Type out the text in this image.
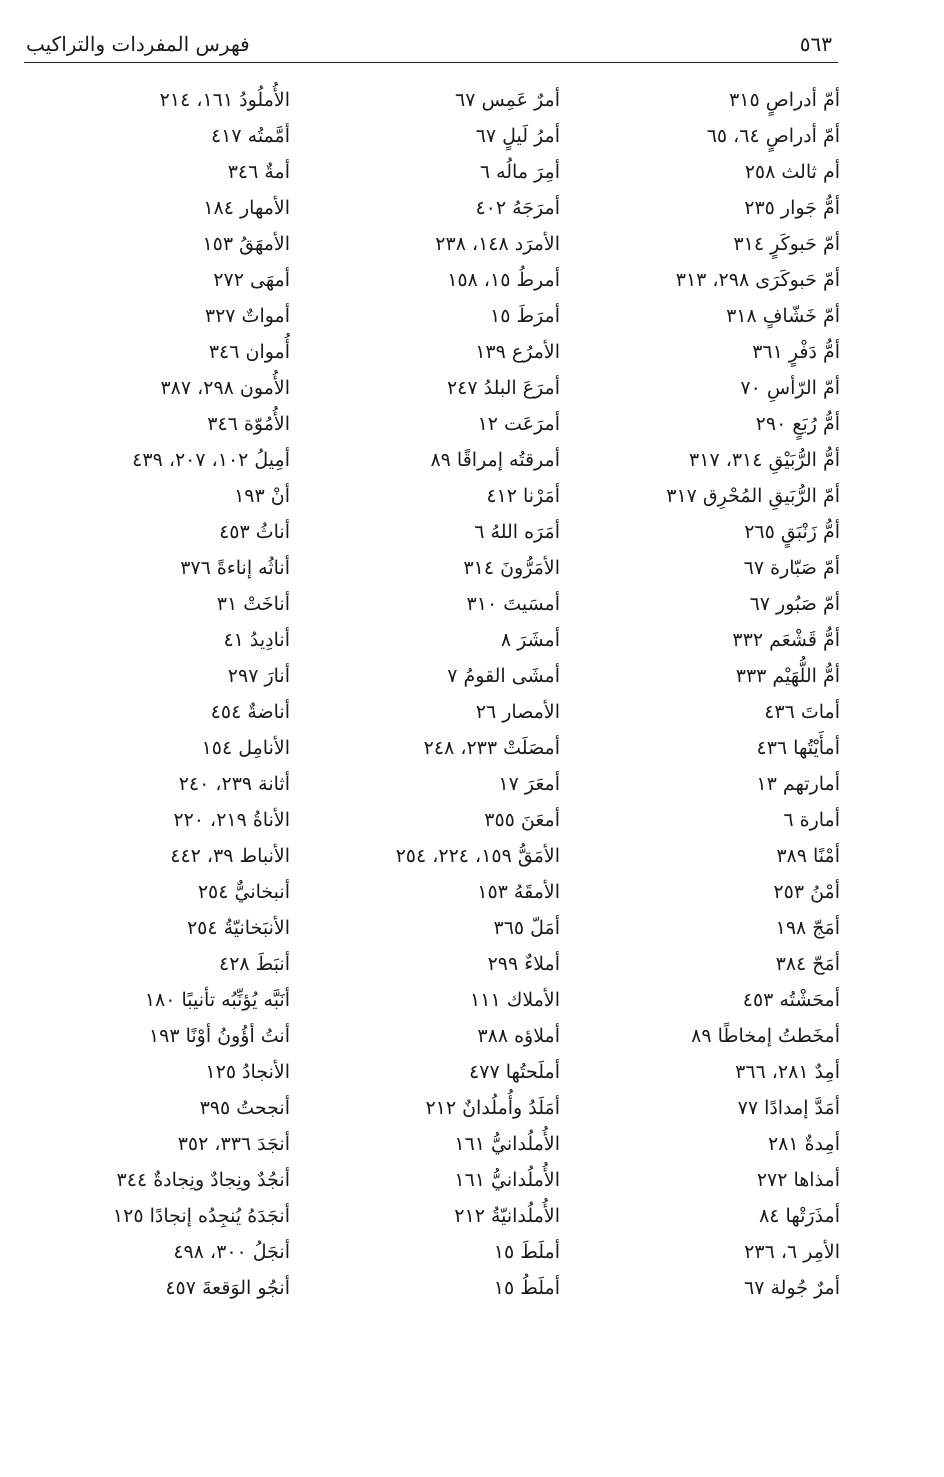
٥٦٣
فهرس المفردات والتراكيب
أمّ أدراصٍ ٣١٥
أمّ أدراصٍ ٦٤، ٦٥
أم ثالث ٢٥٨
أمُّ جَوار ٢٣٥
أمّ حَبوكَرٍ ٣١٤
أمّ حَبوكَرَى ٢٩٨، ٣١٣
أمّ خَشّافٍ ٣١٨
أمُّ دَفْرٍ ٣٦١
أمّ الرّأسِ ٧٠
أمُّ رُبَعٍ ٢٩٠
أمُّ الرُّبَيْقِ ٣١٤، ٣١٧
أمّ الرُّبَيقِ المُحْرِق ٣١٧
أمُّ زَنْبَقٍ ٢٦٥
أمّ صَبّارة ٦٧
أمّ صَبُور ٦٧
أمُّ قَشْعَم ٣٣٢
أمُّ اللُّهَيْم ٣٣٣
أماتَ ٤٣٦
أمأَيْتُها ٤٣٦
أمارتهم ١٣
أمارة ٦
أمْنًا ٣٨٩
أمْنُ ٢٥٣
أمَجّ ١٩٨
أمَحّ ٣٨٤
أمحَشْتُه ٤٥٣
أمخَطتُ إمخاطًا ٨٩
أمِدٌ ٢٨١، ٣٦٦
أمَدَّ إمدادًا ٧٧
أمِدةٌ ٢٨١
أمذاها ٢٧٢
أمذَرَتْها ٨٤
الأمِر ٦، ٢٣٦
أمرٌ جُولة ٦٧
أمرٌ عَمِس ٦٧
أمرُ لَيلٍ ٦٧
أمِرَ مالُه ٦
أمرَجَهُ ٤٠٢
الأمرَد ١٤٨، ٢٣٨
أمرطُ ١٥، ١٥٨
أمرَطَ ١٥
الأمرُع ١٣٩
أمرَعَ البلدُ ٢٤٧
أمرَعَت ١٢
أمرقتُه إمراقًا ٨٩
أمَرْنا ٤١٢
أمَرَه اللهُ ٦
الأمَرُّونَ ٣١٤
أمسَيتَ ٣١٠
أمشَرَ ٨
أمشَى القومُ ٧
الأمصار ٢٦
أمصَلَتْ ٢٣٣، ٢٤٨
أمعَرَ ١٧
أمعَنَ ٣٥٥
الأمَقُّ ١٥٩، ٢٢٤، ٢٥٤
الأمقَهُ ١٥٣
أمَلّ ٣٦٥
أملاءٌ ٢٩٩
الأملاك ١١١
أملاؤه ٣٨٨
أملَحتُها ٤٧٧
أمَلَدُ وأُملُدانٌ ٢١٢
الأُملُدانيُّ ١٦١
الأُملُدانيُّ ١٦١
الأُملُدانيّةُ ٢١٢
أملَطَ ١٥
أملَطُ ١٥
الأُملُودُ ١٦١، ٢١٤
أمَّمتُه ٤١٧
أمةٌ ٣٤٦
الأمهار ١٨٤
الأمهَقُ ١٥٣
أمهَى ٢٧٢
أمواتٌ ٣٢٧
أُموان ٣٤٦
الأُمون ٢٩٨، ٣٨٧
الأُمُوّة ٣٤٦
أمِيلُ ١٠٢، ٢٠٧، ٤٣٩
أنْ ١٩٣
أناثُ ٤٥٣
أناثُه إناءةً ٣٧٦
أناخَتْ ٣١
أنادِيدُ ٤١
أنارَ ٢٩٧
أناضةٌ ٤٥٤
الأنامِل ١٥٤
أثانة ٢٣٩، ٢٤٠
الأناةُ ٢١٩، ٢٢٠
الأنباط ٣٩، ٤٤٢
أنبخانيٌّ ٢٥٤
الأنبَخانيّةُ ٢٥٤
أنبَطَ ٤٢٨
أنَبَّه يُؤنِّبُه تأنيبًا ١٨٠
أنتُ أؤُونُ أوْنًا ١٩٣
الأنجادُ ١٢٥
أنجحتُ ٣٩٥
أنجَدَ ٣٣٦، ٣٥٢
أنجُدٌ ونِجادٌ ونِجادةٌ ٣٤٤
أنجَدَهُ يُنجِدُه إنجادًا ١٢٥
أنجَلُ ٣٠٠، ٤٩٨
أنجُو الوَقعةَ ٤٥٧
